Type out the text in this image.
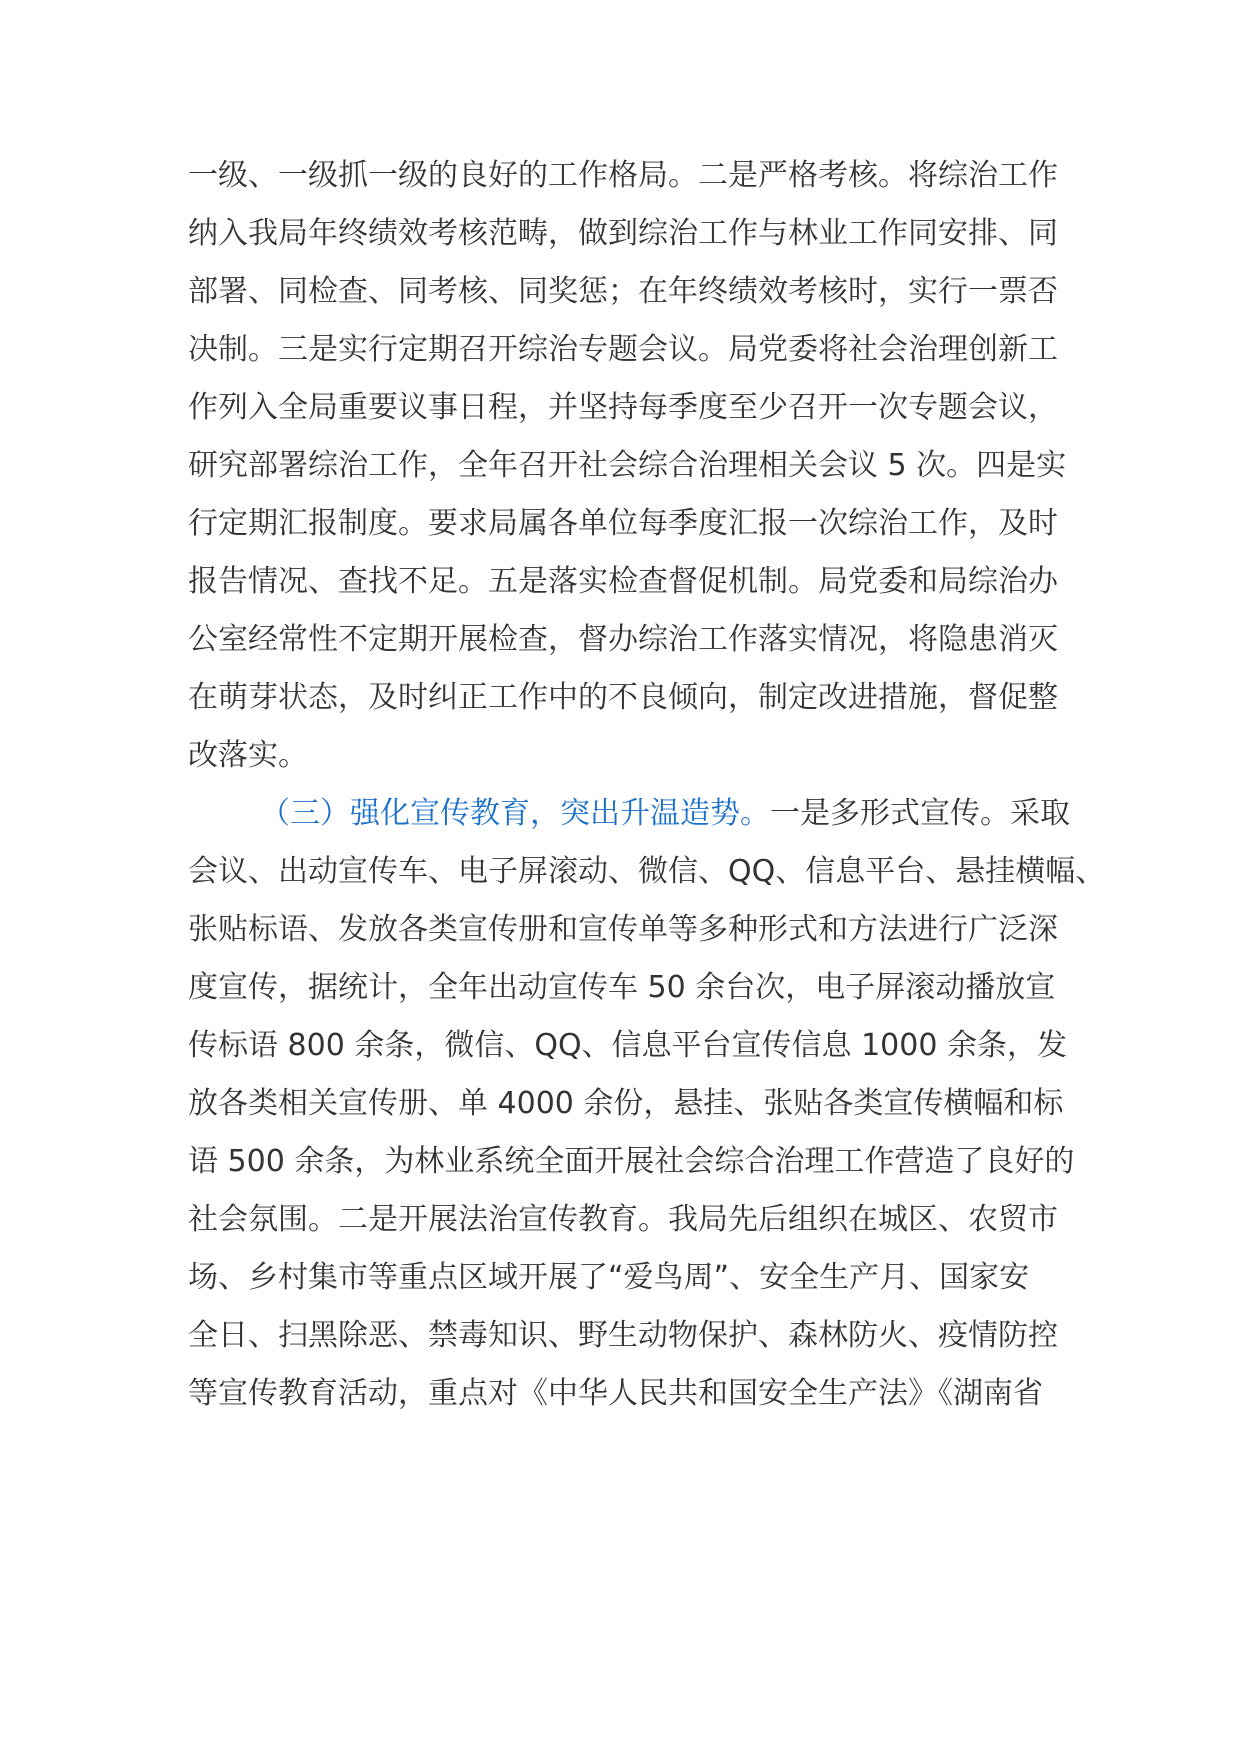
一级、一级抓一级的良好的工作格局。二是严格考核。将综治工作
纳入我局年终绩效考核范畴，做到综治工作与林业工作同安排、同
部署、同检查、同考核、同奖惩；在年终绩效考核时，实行一票否
决制。三是实行定期召开综治专题会议。局党委将社会治理创新工
作列入全局重要议事日程，并坚持每季度至少召开一次专题会议，
研究部署综治工作，全年召开社会综合治理相关会议 5 次。四是实
行定期汇报制度。要求局属各单位每季度汇报一次综治工作，及时
报告情况、查找不足。五是落实检查督促机制。局党委和局综治办
公室经常性不定期开展检查，督办综治工作落实情况，将隐患消灭
在萌芽状态，及时纠正工作中的不良倾向，制定改进措施，督促整
改落实。
（三）强化宣传教育，突出升温造势。一是多形式宣传。采取
会议、出动宣传车、电子屏滚动、微信、QQ、信息平台、悬挂横幅、
张贴标语、发放各类宣传册和宣传单等多种形式和方法进行广泛深
度宣传，据统计，全年出动宣传车 50 余台次，电子屏滚动播放宣
传标语 800 余条，微信、QQ、信息平台宣传信息 1000 余条，发
放各类相关宣传册、单 4000 余份，悬挂、张贴各类宣传横幅和标
语 500 余条，为林业系统全面开展社会综合治理工作营造了良好的
社会氛围。二是开展法治宣传教育。我局先后组织在城区、农贸市
场、乡村集市等重点区域开展了“爱鸟周”、安全生产月、国家安
全日、扫黑除恶、禁毒知识、野生动物保护、森林防火、疫情防控
等宣传教育活动，重点对《中华人民共和国安全生产法》《湖南省
